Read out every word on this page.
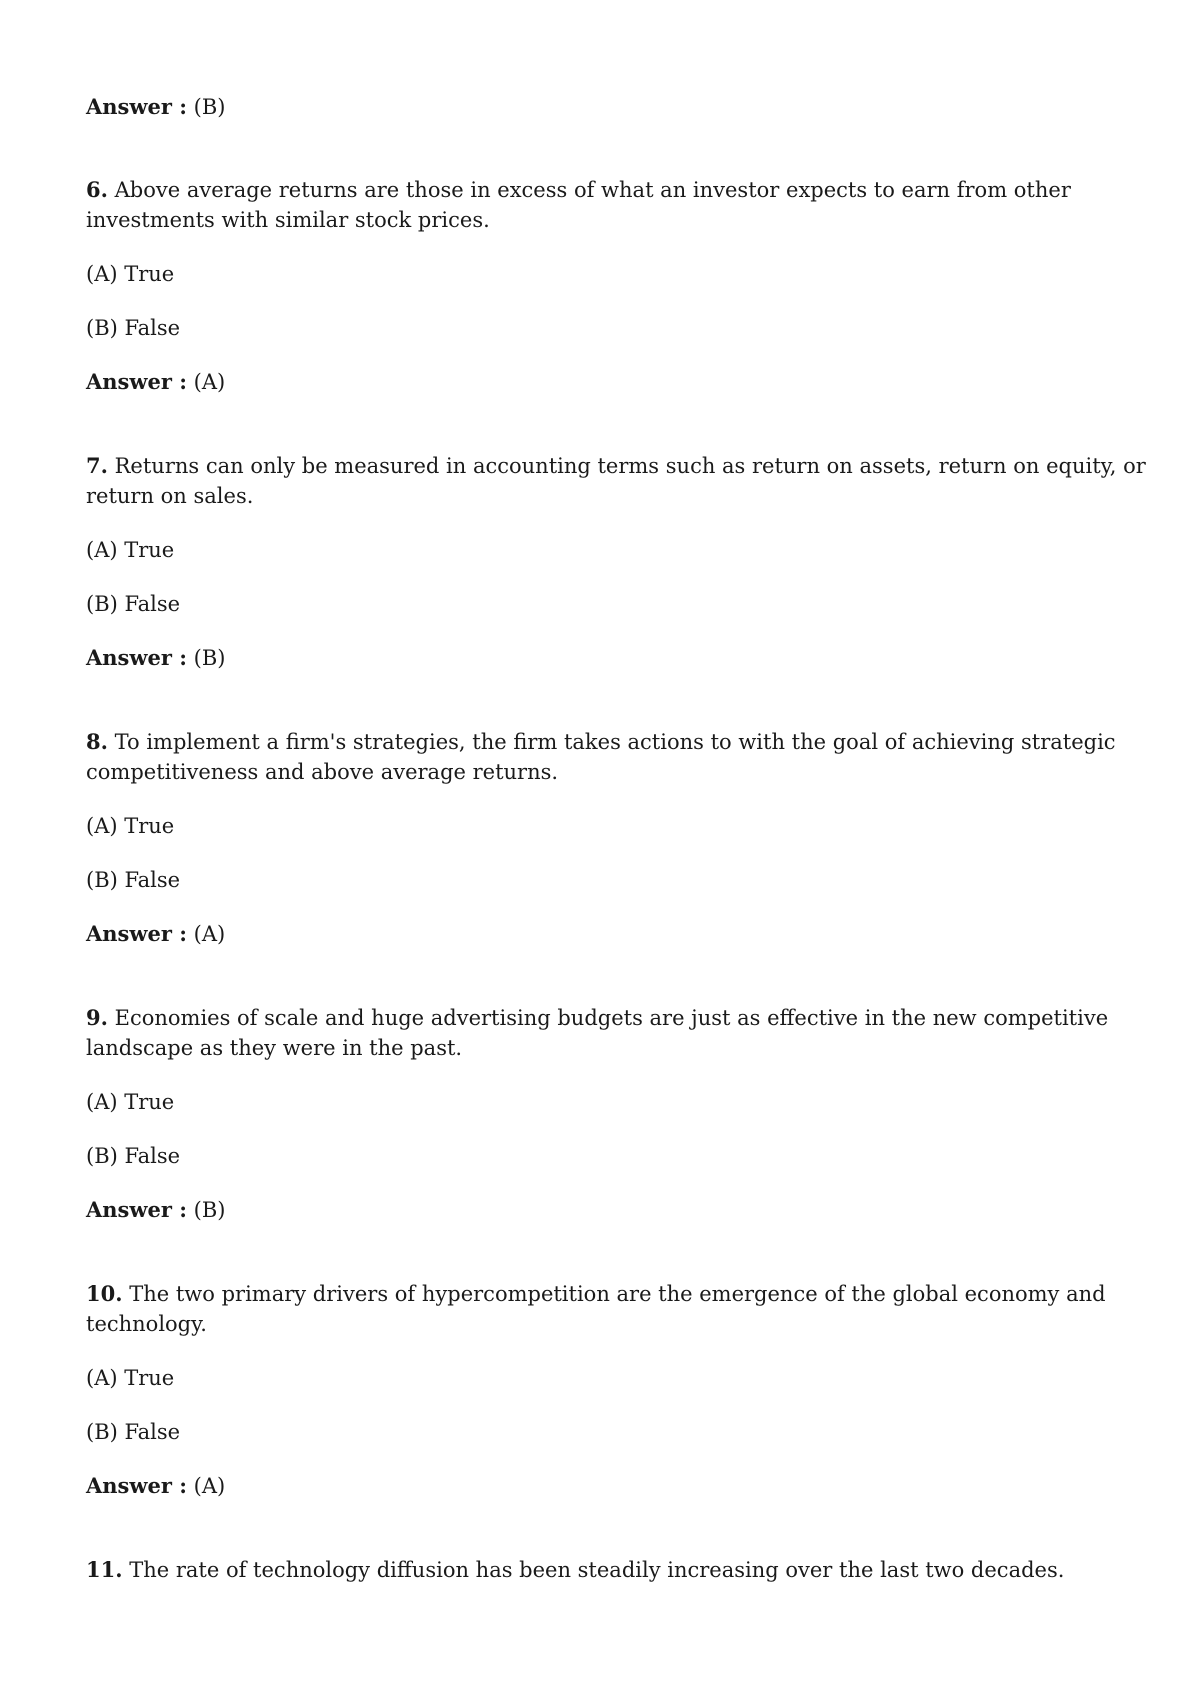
Answer : (B)
6. Above average returns are those in excess of what an investor expects to earn from other
investments with similar stock prices.
(A) True
(B) False
Answer : (A)
7. Returns can only be measured in accounting terms such as return on assets, return on equity, or
return on sales.
(A) True
(B) False
Answer : (B)
8. To implement a firm's strategies, the firm takes actions to with the goal of achieving strategic
competitiveness and above average returns.
(A) True
(B) False
Answer : (A)
9. Economies of scale and huge advertising budgets are just as effective in the new competitive
landscape as they were in the past.
(A) True
(B) False
Answer : (B)
10. The two primary drivers of hypercompetition are the emergence of the global economy and
technology.
(A) True
(B) False
Answer : (A)
11. The rate of technology diffusion has been steadily increasing over the last two decades.
